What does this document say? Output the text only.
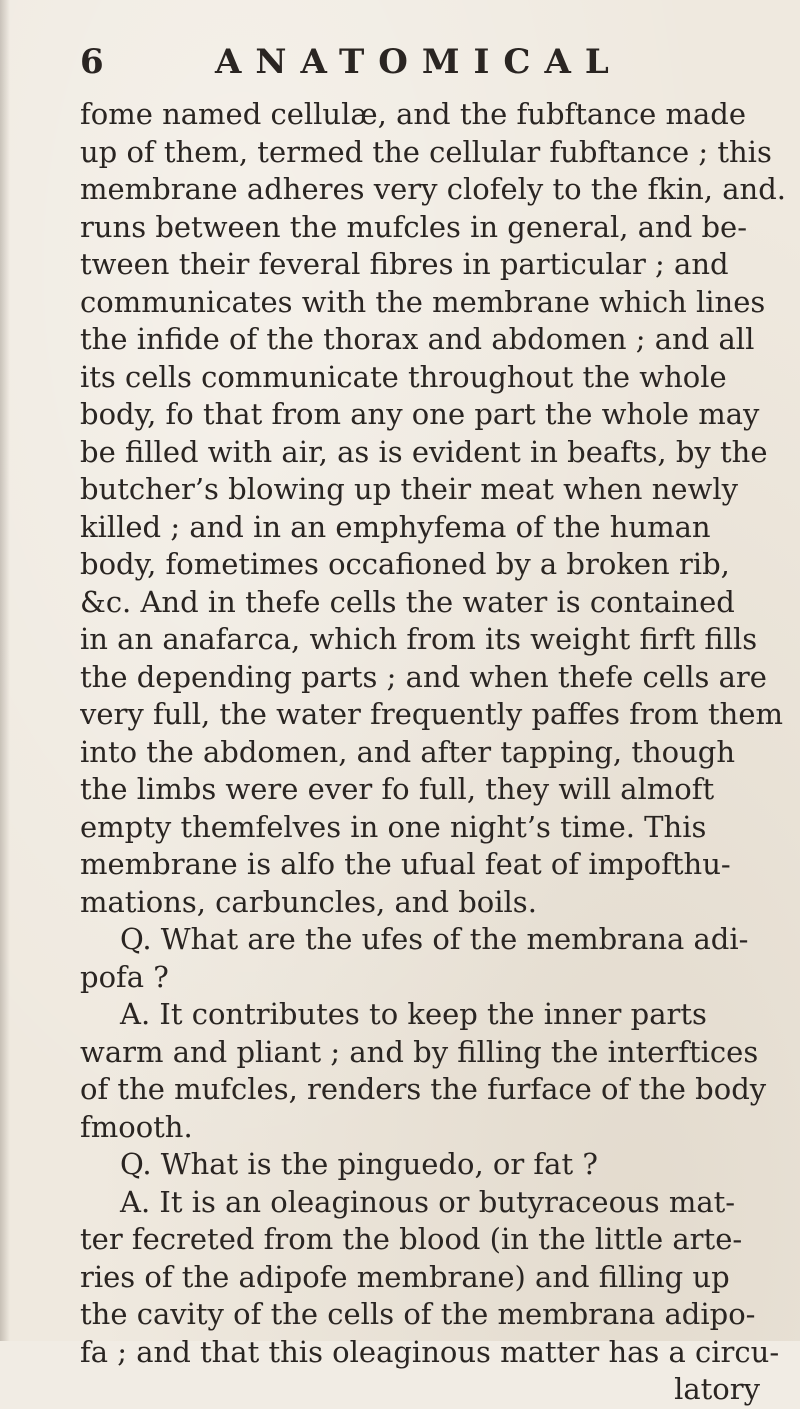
6	ANATOMICAL
fome named cellulæ, and the fubftance made
up of them, termed the cellular fubftance ; this
membrane adheres very clofely to the fkin, and.
runs between the mufcles in general, and be-
tween their feveral fibres in particular ; and
communicates with the membrane which lines
the infide of the thorax and abdomen ; and all
its cells communicate throughout the whole
body, fo that from any one part the whole may
be filled with air, as is evident in beafts, by the
butcher’s blowing up their meat when newly
killed ; and in an emphyfema of the human
body, fometimes occafioned by a broken rib,
&c. And in thefe cells the water is contained
in an anafarca, which from its weight firft fills
the depending parts ; and when thefe cells are
very full, the water frequently paffes from them
into the abdomen, and after tapping, though
the limbs were ever fo full, they will almoft
empty themfelves in one night’s time. This
membrane is alfo the ufual feat of impofthu-
mations, carbuncles, and boils.
Q. What are the ufes of the membrana adi-
pofa ?
A. It contributes to keep the inner parts
warm and pliant ; and by filling the interftices
of the mufcles, renders the furface of the body
fmooth.
Q. What is the pinguedo, or fat ?
A. It is an oleaginous or butyraceous mat-
ter fecreted from the blood (in the little arte-
ries of the adipofe membrane) and filling up
the cavity of the cells of the membrana adipo-
fa ; and that this oleaginous matter has a circu-
latory
